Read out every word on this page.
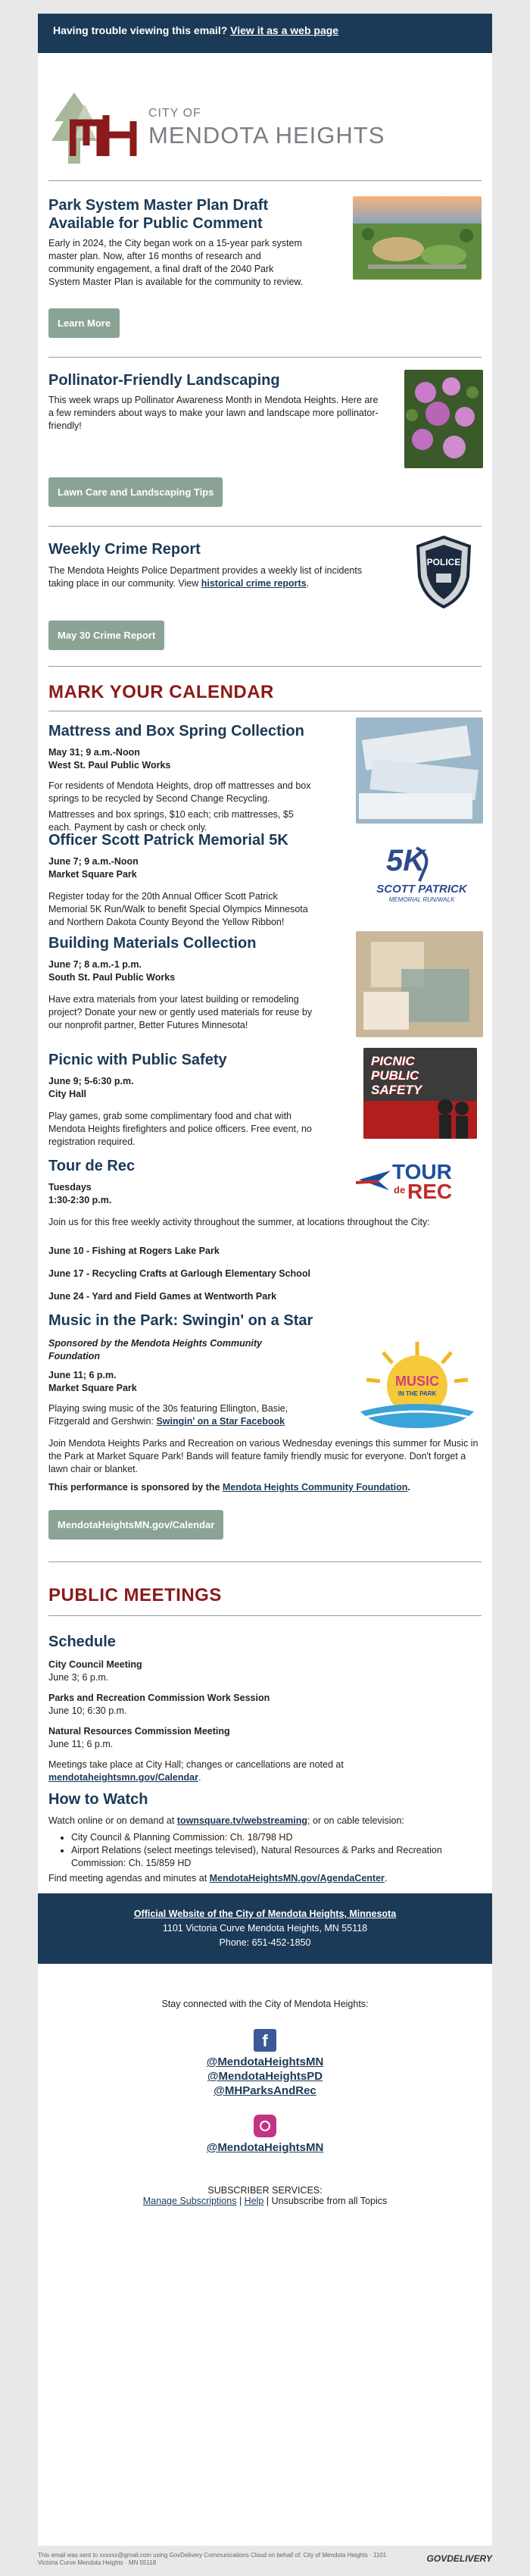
Having trouble viewing this email? View it as a web page
CITY OF
MENDOTA HEIGHTS
Park System Master Plan Draft Available for Public Comment

Early in 2024, the City began work on a 15-year park system master plan. Now, after 16 months of research and community engagement, a final draft of the 2040 Park System Master Plan is available for the community to review.

Learn More
Pollinator-Friendly Landscaping

This week wraps up Pollinator Awareness Month in Mendota Heights. Here are a few reminders about ways to make your lawn and landscape more pollinator-friendly!

Lawn Care and Landscaping Tips
Weekly Crime Report

The Mendota Heights Police Department provides a weekly list of incidents taking place in our community. View historical crime reports.

May 30 Crime Report
POLICE
MARK YOUR CALENDAR
Mattress and Box Spring Collection
May 31; 9 a.m.-Noon
West St. Paul Public Works

For residents of Mendota Heights, drop off mattresses and box springs to be recycled by Second Change Recycling.

Mattresses and box springs, $10 each; crib mattresses, $5 each. Payment by cash or check only.

Officer Scott Patrick Memorial 5K
June 7; 9 a.m.-Noon
Market Square Park

Register today for the 20th Annual Officer Scott Patrick Memorial 5K Run/Walk to benefit Special Olympics Minnesota and Northern Dakota County Beyond the Yellow Ribbon!

5K
SCOTT PATRICK
MEMORIAL RUN/WALK
Building Materials Collection
June 7; 8 a.m.-1 p.m.
South St. Paul Public Works

Have extra materials from your latest building or remodeling project? Donate your new or gently used materials for reuse by our nonprofit partner, Better Futures Minnesota!

Picnic with Public Safety
June 9; 5-6:30 p.m.
City Hall

Play games, grab some complimentary food and chat with Mendota Heights firefighters and police officers. Free event, no registration required.

PICNIC
PUBLIC
SAFETY
Tour de Rec
Tuesdays
1:30-2:30 p.m.

Join us for this free weekly activity throughout the summer, at locations throughout the City:

June 10 - Fishing at Rogers Lake Park
June 17 - Recycling Crafts at Garlough Elementary School
June 24 - Yard and Field Games at Wentworth Park
TOUR
de REC
Music in the Park: Swingin' on a Star
Sponsored by the Mendota Heights Community Foundation
June 11; 6 p.m.
Market Square Park

Playing swing music of the 30s featuring Ellington, Basie, Fitzgerald and Gershwin: Swingin' on a Star Facebook

MUSIC
IN THE PARK

Join Mendota Heights Parks and Recreation on various Wednesday evenings this summer for Music in the Park at Market Square Park! Bands will feature family friendly music for everyone. Don't forget a lawn chair or blanket.

This performance is sponsored by the Mendota Heights Community Foundation.

MendotaHeightsMN.gov/Calendar
PUBLIC MEETINGS
Schedule
City Council Meeting

June 3; 6 p.m.

Parks and Recreation Commission Work Session

June 10; 6:30 p.m.

Natural Resources Commission Meeting

June 11; 6 p.m.

Meetings take place at City Hall; changes or cancellations are noted at mendotaheightsmn.gov/Calendar.

How to Watch

Watch online or on demand at townsquare.tv/webstreaming; or on cable television:

• City Council & Planning Commission: Ch. 18/798 HD
• Airport Relations (select meetings televised), Natural Resources & Parks and Recreation Commission: Ch. 15/859 HD

Find meeting agendas and minutes at MendotaHeightsMN.gov/AgendaCenter.

Official Website of the City of Mendota Heights, Minnesota
1101 Victoria Curve Mendota Heights, MN 55118
Phone: 651-452-1850
Stay connected with the City of Mendota Heights:
f
@MendotaHeightsMN
@MendotaHeightsPD
@MHParksAndRec
@MendotaHeightsMN
SUBSCRIBER SERVICES:
Manage Subscriptions | Help | Unsubscribe from all Topics
This email was sent to xxxxxx@gmail.com using GovDelivery Communications Cloud on behalf of: City of Mendota Heights · 1101 Victoria Curve Mendota Heights · MN 55118	GOVDELIVERY
